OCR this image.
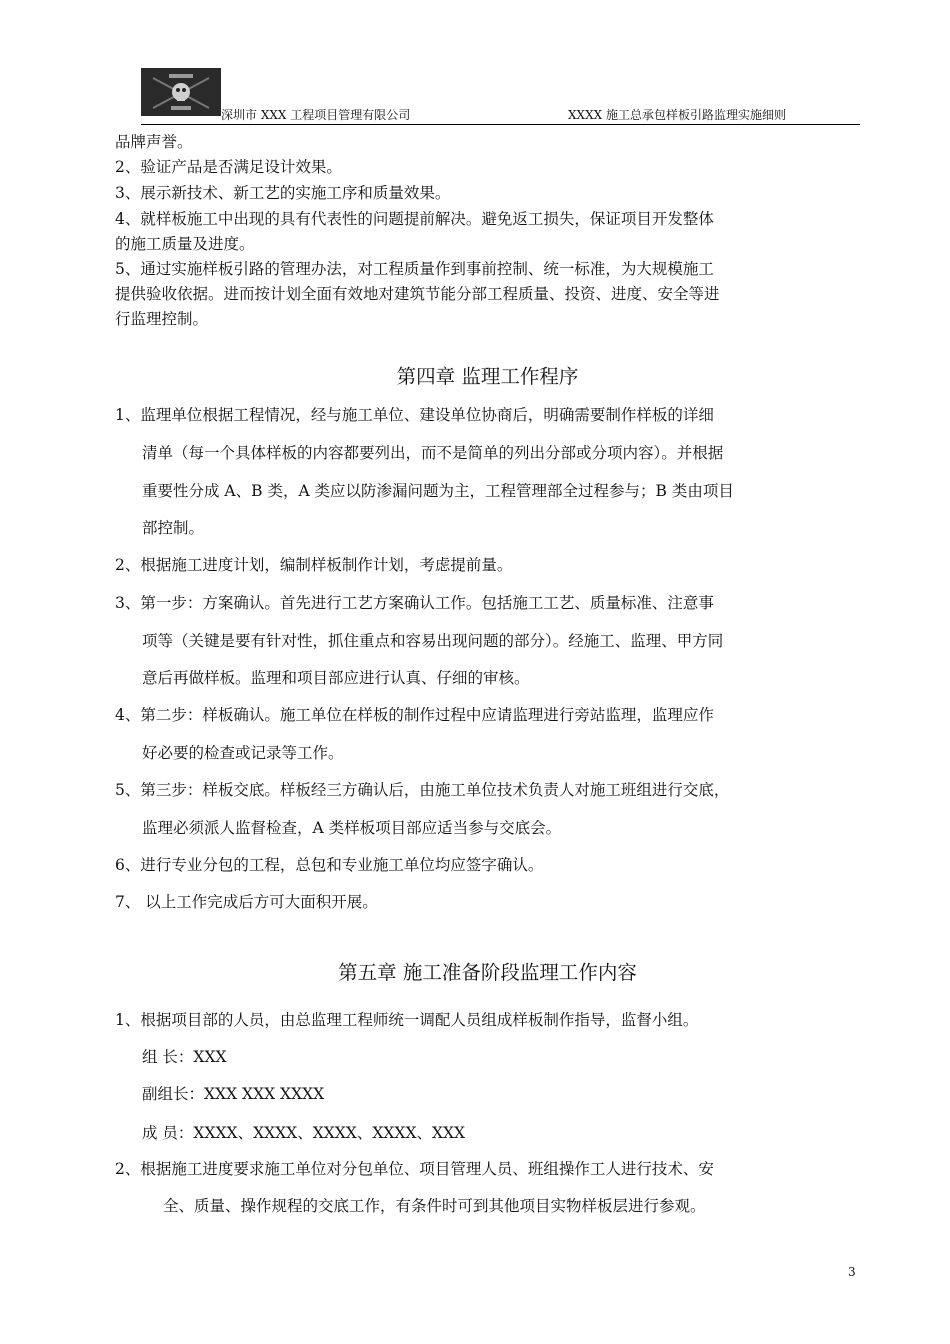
深圳市 XXX 工程项目管理有限公司	XXXX 施工总承包样板引路监理实施细则
品牌声誉。
2、验证产品是否满足设计效果。
3、展示新技术、新工艺的实施工序和质量效果。
4、就样板施工中出现的具有代表性的问题提前解决。避免返工损失，保证项目开发整体
的施工质量及进度。
5、通过实施样板引路的管理办法，对工程质量作到事前控制、统一标准，为大规模施工
提供验收依据。进而按计划全面有效地对建筑节能分部工程质量、投资、进度、安全等进
行监理控制。
第四章 监理工作程序
1、监理单位根据工程情况，经与施工单位、建设单位协商后，明确需要制作样板的详细
清单（每一个具体样板的内容都要列出，而不是简单的列出分部或分项内容）。并根据
重要性分成 A、B 类，A 类应以防渗漏问题为主，工程管理部全过程参与；B 类由项目
部控制。
2、根据施工进度计划，编制样板制作计划，考虑提前量。
3、第一步：方案确认。首先进行工艺方案确认工作。包括施工工艺、质量标准、注意事
项等（关键是要有针对性，抓住重点和容易出现问题的部分）。经施工、监理、甲方同
意后再做样板。监理和项目部应进行认真、仔细的审核。
4、第二步：样板确认。施工单位在样板的制作过程中应请监理进行旁站监理，监理应作
好必要的检查或记录等工作。
5、第三步：样板交底。样板经三方确认后，由施工单位技术负责人对施工班组进行交底，
监理必须派人监督检查，A 类样板项目部应适当参与交底会。
6、进行专业分包的工程，总包和专业施工单位均应签字确认。
7、 以上工作完成后方可大面积开展。
第五章 施工准备阶段监理工作内容
1、根据项目部的人员，由总监理工程师统一调配人员组成样板制作指导，监督小组。
组 长：XXX
副组长：XXX XXX XXXX
成 员：XXXX、XXXX、XXXX、XXXX、XXX
2、根据施工进度要求施工单位对分包单位、项目管理人员、班组操作工人进行技术、安
全、质量、操作规程的交底工作，有条件时可到其他项目实物样板层进行参观。
3
